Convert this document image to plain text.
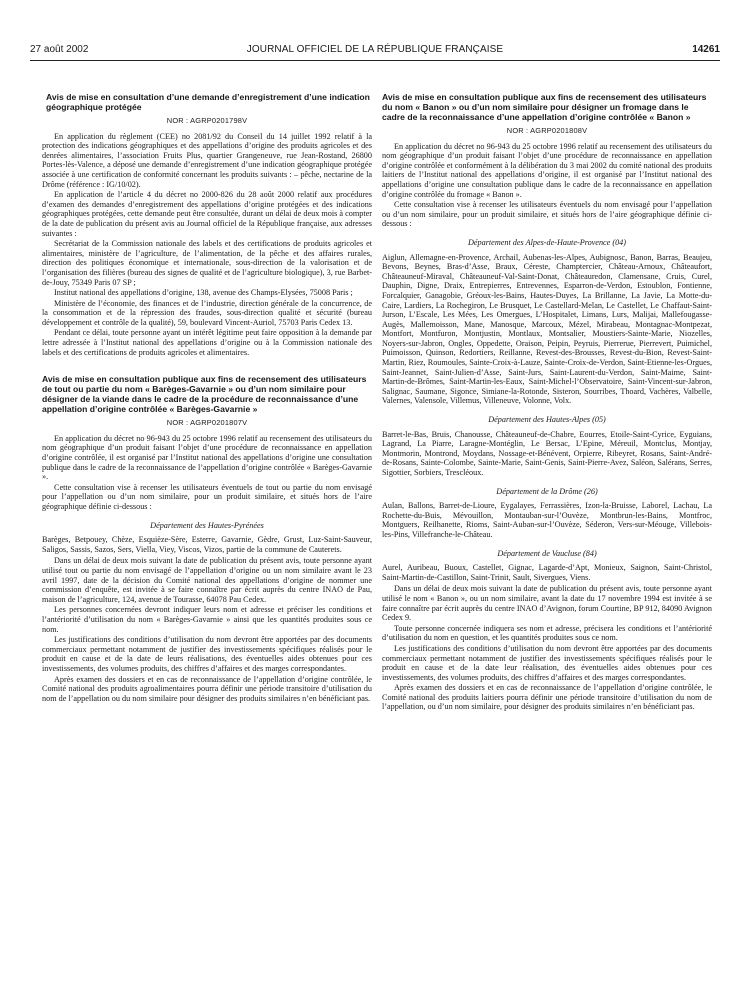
27 août 2002	JOURNAL OFFICIEL DE LA RÉPUBLIQUE FRANÇAISE	14261
Avis de mise en consultation d’une demande d’enregistrement d’une indication géographique protégée
NOR : AGRP0201798V

En application du règlement (CEE) no 2081/92 du Conseil du 14 juillet 1992 relatif à la protection des indications géographiques et des appellations d’origine des produits agricoles et des denrées alimentaires, l’association Fruits Plus, quartier Grangeneuve, rue Jean-Rostand, 26800 Portes-lès-Valence, a déposé une demande d’enregistrement d’une indication géographique protégée associée à une certification de conformité concernant les produits suivants : – pêche, nectarine de la Drôme (référence : IG/10/02).

En application de l’article 4 du décret no 2000-826 du 28 août 2000 relatif aux procédures d’examen des demandes d’enregistrement des appellations d’origine protégées et des indications géographiques protégées, cette demande peut être consultée, durant un délai de deux mois à compter de la date de publication du présent avis au Journal officiel de la République française, aux adresses suivantes :

Secrétariat de la Commission nationale des labels et des certifications de produits agricoles et alimentaires, ministère de l’agriculture, de l’alimentation, de la pêche et des affaires rurales, direction des politiques économique et internationale, sous-direction de la valorisation et de l’organisation des filières (bureau des signes de qualité et de l’agriculture biologique), 3, rue Barbet-de-Jouy, 75349 Paris 07 SP ;

Institut national des appellations d’origine, 138, avenue des Champs-Elysées, 75008 Paris ;

Ministère de l’économie, des finances et de l’industrie, direction générale de la concurrence, de la consommation et de la répression des fraudes, sous-direction qualité et sécurité (bureau développement et contrôle de la qualité), 59, boulevard Vincent-Auriol, 75703 Paris Cedex 13.

Pendant ce délai, toute personne ayant un intérêt légitime peut faire opposition à la demande par lettre adressée à l’Institut national des appellations d’origine ou à la Commission nationale des labels et des certifications de produits agricoles et alimentaires.

Avis de mise en consultation publique aux fins de recensement des utilisateurs de tout ou partie du nom « Barèges-Gavarnie » ou d’un nom similaire pour désigner de la viande dans le cadre de la procédure de reconnaissance d’une appellation d’origine contrôlée « Barèges-Gavarnie »
NOR : AGRP0201807V

En application du décret no 96-943 du 25 octobre 1996 relatif au recensement des utilisateurs du nom géographique d’un produit faisant l’objet d’une procédure de reconnaissance en appellation d’origine contrôlée, il est organisé par l’Institut national des appellations d’origine une consultation publique dans le cadre de la reconnaissance de l’appellation d’origine contrôlée « Barèges-Gavarnie ».

Cette consultation vise à recenser les utilisateurs éventuels de tout ou partie du nom envisagé pour l’appellation ou d’un nom similaire, pour un produit similaire, et situés hors de l’aire géographique définie ci-dessous :

Département des Hautes-Pyrénées

Barèges, Betpouey, Chèze, Esquièze-Sère, Esterre, Gavarnie, Gèdre, Grust, Luz-Saint-Sauveur, Saligos, Sassis, Sazos, Sers, Viella, Viey, Viscos, Vizos, partie de la commune de Cauterets.

Dans un délai de deux mois suivant la date de publication du présent avis, toute personne ayant utilisé tout ou partie du nom envisagé de l’appellation d’origine ou un nom similaire avant le 23 avril 1997, date de la décision du Comité national des appellations d’origine de nommer une commission d’enquête, est invitée à se faire connaître par écrit auprès du centre INAO de Pau, maison de l’agriculture, 124, avenue de Tourasse, 64078 Pau Cedex.

Les personnes concernées devront indiquer leurs nom et adresse et préciser les conditions et l’antériorité d’utilisation du nom « Barèges-Gavarnie » ainsi que les quantités produites sous ce nom.

Les justifications des conditions d’utilisation du nom devront être apportées par des documents commerciaux permettant notamment de justifier des investissements spécifiques réalisés pour le produit en cause et de la date de leurs réalisations, des éventuelles aides obtenues pour ces investissements, des volumes produits, des chiffres d’affaires et des marges correspondantes.

Après examen des dossiers et en cas de reconnaissance de l’appellation d’origine contrôlée, le Comité national des produits agroalimentaires pourra définir une période transitoire d’utilisation du nom de l’appellation ou du nom similaire pour désigner des produits similaires n’en bénéficiant pas.

Avis de mise en consultation publique aux fins de recensement des utilisateurs du nom « Banon » ou d’un nom similaire pour désigner un fromage dans le cadre de la reconnaissance d’une appellation d’origine contrôlée « Banon »
NOR : AGRP0201808V

En application du décret no 96-943 du 25 octobre 1996 relatif au recensement des utilisateurs du nom géographique d’un produit faisant l’objet d’une procédure de reconnaissance en appellation d’origine contrôlée et conformément à la délibération du 3 mai 2002 du comité national des produits laitiers de l’Institut national des appellations d’origine, il est organisé par l’Institut national des appellations d’origine une consultation publique dans le cadre de la reconnaissance en appellation d’origine contrôlée du fromage « Banon ».

Cette consultation vise à recenser les utilisateurs éventuels du nom envisagé pour l’appellation ou d’un nom similaire, pour un produit similaire, et situés hors de l’aire géographique définie ci-dessous :

Département des Alpes-de-Haute-Provence (04)

Aiglun, Allemagne-en-Provence, Archail, Aubenas-les-Alpes, Aubignosc, Banon, Barras, Beaujeu, Bevons, Beynes, Bras-d’Asse, Braux, Céreste, Champtercier, Château-Arnoux, Châteaufort, Châteauneuf-Miraval, Châteauneuf-Val-Saint-Donat, Châteauredon, Clamensane, Cruis, Curel, Dauphin, Digne, Draix, Entrepierres, Entrevennes, Esparron-de-Verdon, Estoublon, Fontienne, Forcalquier, Ganagobie, Gréoux-les-Bains, Hautes-Duyes, La Brillanne, La Javie, La Motte-du-Caire, Lardiers, La Rochegiron, Le Brusquet, Le Castellard-Melan, Le Castellet, Le Chaffaut-Saint-Jurson, L’Escale, Les Mées, Les Omergues, L’Hospitalet, Limans, Lurs, Malijai, Mallefougasse-Augès, Mallemoisson, Mane, Manosque, Marcoux, Mézel, Mirabeau, Montagnac-Montpezat, Montfort, Montfuron, Montjustin, Montlaux, Montsalier, Moustiers-Sainte-Marie, Niozelles, Noyers-sur-Jabron, Ongles, Oppedette, Oraison, Peipin, Peyruis, Pierrerue, Pierrevert, Puimichel, Puimoisson, Quinson, Redortiers, Reillanne, Revest-des-Brousses, Revest-du-Bion, Revest-Saint-Martin, Riez, Roumoules, Sainte-Croix-à-Lauze, Sainte-Croix-de-Verdon, Saint-Etienne-les-Orgues, Saint-Jeannet, Saint-Julien-d’Asse, Saint-Jurs, Saint-Laurent-du-Verdon, Saint-Maime, Saint-Martin-de-Brômes, Saint-Martin-les-Eaux, Saint-Michel-l’Observatoire, Saint-Vincent-sur-Jabron, Salignac, Saumane, Sigonce, Simiane-la-Rotonde, Sisteron, Sourribes, Thoard, Vachères, Valbelle, Valernes, Valensole, Villemus, Villeneuve, Volonne, Volx.

Département des Hautes-Alpes (05)

Barret-le-Bas, Bruis, Chanousse, Châteauneuf-de-Chabre, Eourres, Etoile-Saint-Cyrice, Eyguians, Lagrand, La Piarre, Laragne-Montéglin, Le Bersac, L’Epine, Méreuil, Montclus, Montjay, Montmorin, Montrond, Moydans, Nossage-et-Bénévent, Orpierre, Ribeyret, Rosans, Saint-André-de-Rosans, Sainte-Colombe, Sainte-Marie, Saint-Genis, Saint-Pierre-Avez, Saléon, Salérans, Serres, Sigottier, Sorbiers, Trescléoux.

Département de la Drôme (26)

Aulan, Ballons, Barret-de-Lioure, Eygalayes, Ferrassières, Izon-la-Bruisse, Laborel, Lachau, La Rochette-du-Buis, Mévouillon, Montauban-sur-l’Ouvèze, Montbrun-les-Bains, Montfroc, Montguers, Reilhanette, Rioms, Saint-Auban-sur-l’Ouvèze, Séderon, Vers-sur-Méouge, Villebois-les-Pins, Villefranche-le-Château.

Département de Vaucluse (84)

Aurel, Auribeau, Buoux, Castellet, Gignac, Lagarde-d’Apt, Monieux, Saignon, Saint-Christol, Saint-Martin-de-Castillon, Saint-Trinit, Sault, Sivergues, Viens.

Dans un délai de deux mois suivant la date de publication du présent avis, toute personne ayant utilisé le nom « Banon », ou un nom similaire, avant la date du 17 novembre 1994 est invitée à se faire connaître par écrit auprès du centre INAO d’Avignon, forum Courtine, BP 912, 84090 Avignon Cedex 9.

Toute personne concernée indiquera ses nom et adresse, précisera les conditions et l’antériorité d’utilisation du nom en question, et les quantités produites sous ce nom.

Les justifications des conditions d’utilisation du nom devront être apportées par des documents commerciaux permettant notamment de justifier des investissements spécifiques réalisés pour le produit en cause et de la date leur réalisation, des éventuelles aides obtenues pour ces investissements, des volumes produits, des chiffres d’affaires et des marges correspondantes.

Après examen des dossiers et en cas de reconnaissance de l’appellation d’origine contrôlée, le Comité national des produits laitiers pourra définir une période transitoire d’utilisation du nom de l’appellation, ou d’un nom similaire, pour désigner des produits similaires n’en bénéficiant pas.
